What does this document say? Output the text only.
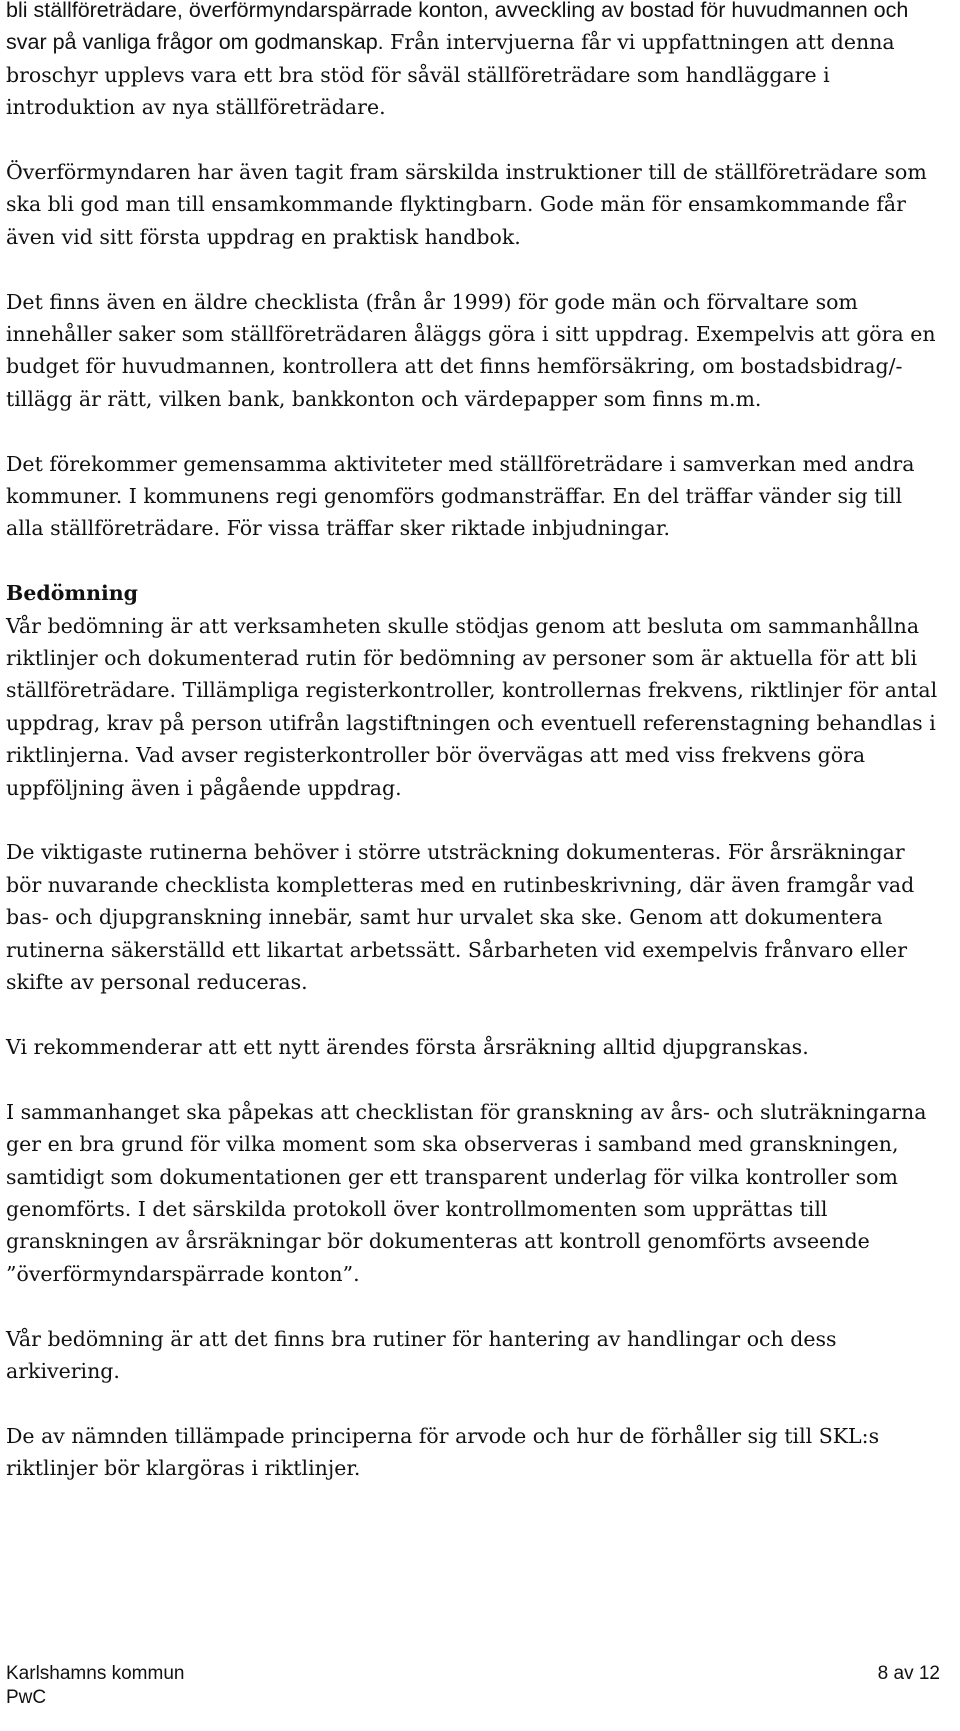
bli ställföreträdare, överförmyndarspärrade konton, avveckling av bostad för huvudmannen och svar på vanliga frågor om godmanskap. Från intervjuerna får vi uppfattningen att denna broschyr upplevs vara ett bra stöd för såväl ställföreträdare som handläggare i introduktion av nya ställföreträdare.

Överförmyndaren har även tagit fram särskilda instruktioner till de ställföreträdare som ska bli god man till ensamkommande flyktingbarn. Gode män för ensamkommande får även vid sitt första uppdrag en praktisk handbok.

Det finns även en äldre checklista (från år 1999) för gode män och förvaltare som innehåller saker som ställföreträdaren åläggs göra i sitt uppdrag. Exempelvis att göra en budget för huvudmannen, kontrollera att det finns hemförsäkring, om bostadsbidrag/-tillägg är rätt, vilken bank, bankkonton och värdepapper som finns m.m.

Det förekommer gemensamma aktiviteter med ställföreträdare i samverkan med andra kommuner. I kommunens regi genomförs godmansträffar. En del träffar vänder sig till alla ställföreträdare. För vissa träffar sker riktade inbjudningar.

Bedömning

Vår bedömning är att verksamheten skulle stödjas genom att besluta om sammanhållna riktlinjer och dokumenterad rutin för bedömning av personer som är aktuella för att bli ställföreträdare. Tillämpliga registerkontroller, kontrollernas frekvens, riktlinjer för antal uppdrag, krav på person utifrån lagstiftningen och eventuell referenstagning behandlas i riktlinjerna. Vad avser registerkontroller bör övervägas att med viss frekvens göra uppföljning även i pågående uppdrag.

De viktigaste rutinerna behöver i större utsträckning dokumenteras. För årsräkningar bör nuvarande checklista kompletteras med en rutinbeskrivning, där även framgår vad bas- och djupgranskning innebär, samt hur urvalet ska ske. Genom att dokumentera rutinerna säkerställd ett likartat arbetssätt. Sårbarheten vid exempelvis frånvaro eller skifte av personal reduceras.

Vi rekommenderar att ett nytt ärendes första årsräkning alltid djupgranskas.

I sammanhanget ska påpekas att checklistan för granskning av års- och sluträkningarna ger en bra grund för vilka moment som ska observeras i samband med granskningen, samtidigt som dokumentationen ger ett transparent underlag för vilka kontroller som genomförts. I det särskilda protokoll över kontrollmomenten som upprättas till granskningen av årsräkningar bör dokumenteras att kontroll genomförts avseende ”överförmyndarspärrade konton”.

Vår bedömning är att det finns bra rutiner för hantering av handlingar och dess arkivering.

De av nämnden tillämpade principerna för arvode och hur de förhåller sig till SKL:s riktlinjer bör klargöras i riktlinjer.

Karlshamns kommun	8 av 12
PwC
